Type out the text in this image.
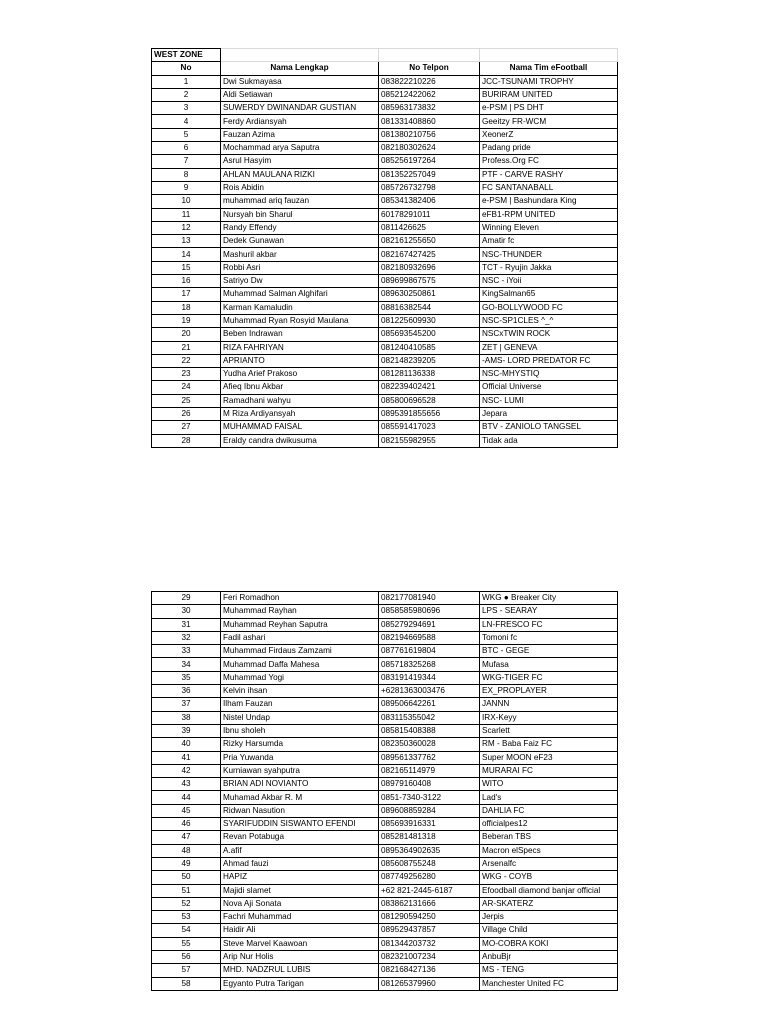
WEST ZONE			
No	Nama Lengkap	No Telpon	Nama Tim eFootball
1	Dwi Sukmayasa	083822210226	JCC-TSUNAMI TROPHY
2	Aldi Setiawan	085212422062	BURIRAM UNITED
3	SUWERDY DWINANDAR GUSTIAN	085963173832	e-PSM | PS DHT
4	Ferdy Ardiansyah	081331408860	Geeitzy FR-WCM
5	Fauzan Azima	081380210756	XeonerZ
6	Mochammad arya Saputra	082180302624	Padang pride
7	Asrul Hasyim	085256197264	Profess.Org FC
8	AHLAN MAULANA RIZKI	081352257049	PTF - CARVE RASHY
9	Rois Abidin	085726732798	FC SANTANABALL
10	muhammad ariq fauzan	085341382406	e-PSM | Bashundara King
11	Nursyah bin Sharul	60178291011	eFB1-RPM UNITED
12	Randy Effendy	0811426625	Winning Eleven
13	Dedek Gunawan	082161255650	Amatir fc
14	Mashuril akbar	082167427425	NSC-THUNDER
15	Robbi Asri	082180932696	TCT - Ryujin Jakka
16	Satriyo Dw	089699867575	NSC - iYoii
17	Muhammad Salman Alghifari	089630250861	KingSalman65
18	Karman Kamaludin	08816382544	GO-BOLLYWOOD FC
19	Muhammad Ryan Rosyid Maulana	081225609930	NSC-SP1CLES ^_^
20	Beben Indrawan	085693545200	NSCxTWIN ROCK
21	RIZA FAHRIYAN	081240410585	ZET | GENEVA
22	APRIANTO	082148239205	-AMS- LORD PREDATOR FC
23	Yudha Arief Prakoso	081281136338	NSC-MHYSTIQ
24	Afieq Ibnu Akbar	082239402421	Official Universe
25	Ramadhani wahyu	085800696528	NSC- LUMI
26	M Riza Ardiyansyah	0895391855656	Jepara
27	MUHAMMAD FAISAL	085591417023	BTV - ZANIOLO TANGSEL
28	Eraldy candra dwikusuma	082155982955	Tidak ada
29	Feri Romadhon	082177081940	WKG ● Breaker City
30	Muhammad Rayhan	0858585980696	LPS - SEARAY
31	Muhammad Reyhan Saputra	085279294691	LN-FRESCO FC
32	Fadil ashari	082194669588	Tomoni fc
33	Muhammad Firdaus Zamzami	087761619804	BTC - GEGE
34	Muhammad Daffa Mahesa	085718325268	Mufasa
35	Muhammad Yogi	083191419344	WKG-TIGER FC
36	Kelvin ihsan	+6281363003476	EX_PROPLAYER
37	Ilham Fauzan	089506642261	JANNN
38	Nistel Undap	083115355042	IRX-Keyy
39	Ibnu sholeh	085815408388	Scarlett
40	Rizky Harsumda	082350360028	RM - Baba Faiz FC
41	Pria Yuwanda	089561337762	Super MOON eF23
42	Kurniawan syahputra	082165114979	MURARAI FC
43	BRIAN ADI NOVIANTO	08979160408	WITO
44	Muhamad Akbar R. M	0851-7340-3122	Lad's
45	Ridwan Nasution	089608859284	DAHLIA FC
46	SYARIFUDDIN SISWANTO EFENDI	085693916331	officialpes12
47	Revan Potabuga	085281481318	Beberan TBS
48	A.afif	0895364902635	Macron elSpecs
49	Ahmad fauzi	085608755248	Arsenalfc
50	HAPIZ	087749256280	WKG - COYB
51	Majidi slamet	+62 821-2445-6187	Efoodball diamond banjar official
52	Nova Aji Sonata	083862131666	AR-SKATERZ
53	Fachri Muhammad	081290594250	Jerpis
54	Haidir Ali	089529437857	Village Child
55	Steve Marvel Kaawoan	081344203732	MO-COBRA KOKI
56	Arip Nur Holis	082321007234	AnbuBjr
57	MHD. NADZRUL LUBIS	082168427136	MS - TENG
58	Egyanto Putra Tarigan	081265379960	Manchester United FC
